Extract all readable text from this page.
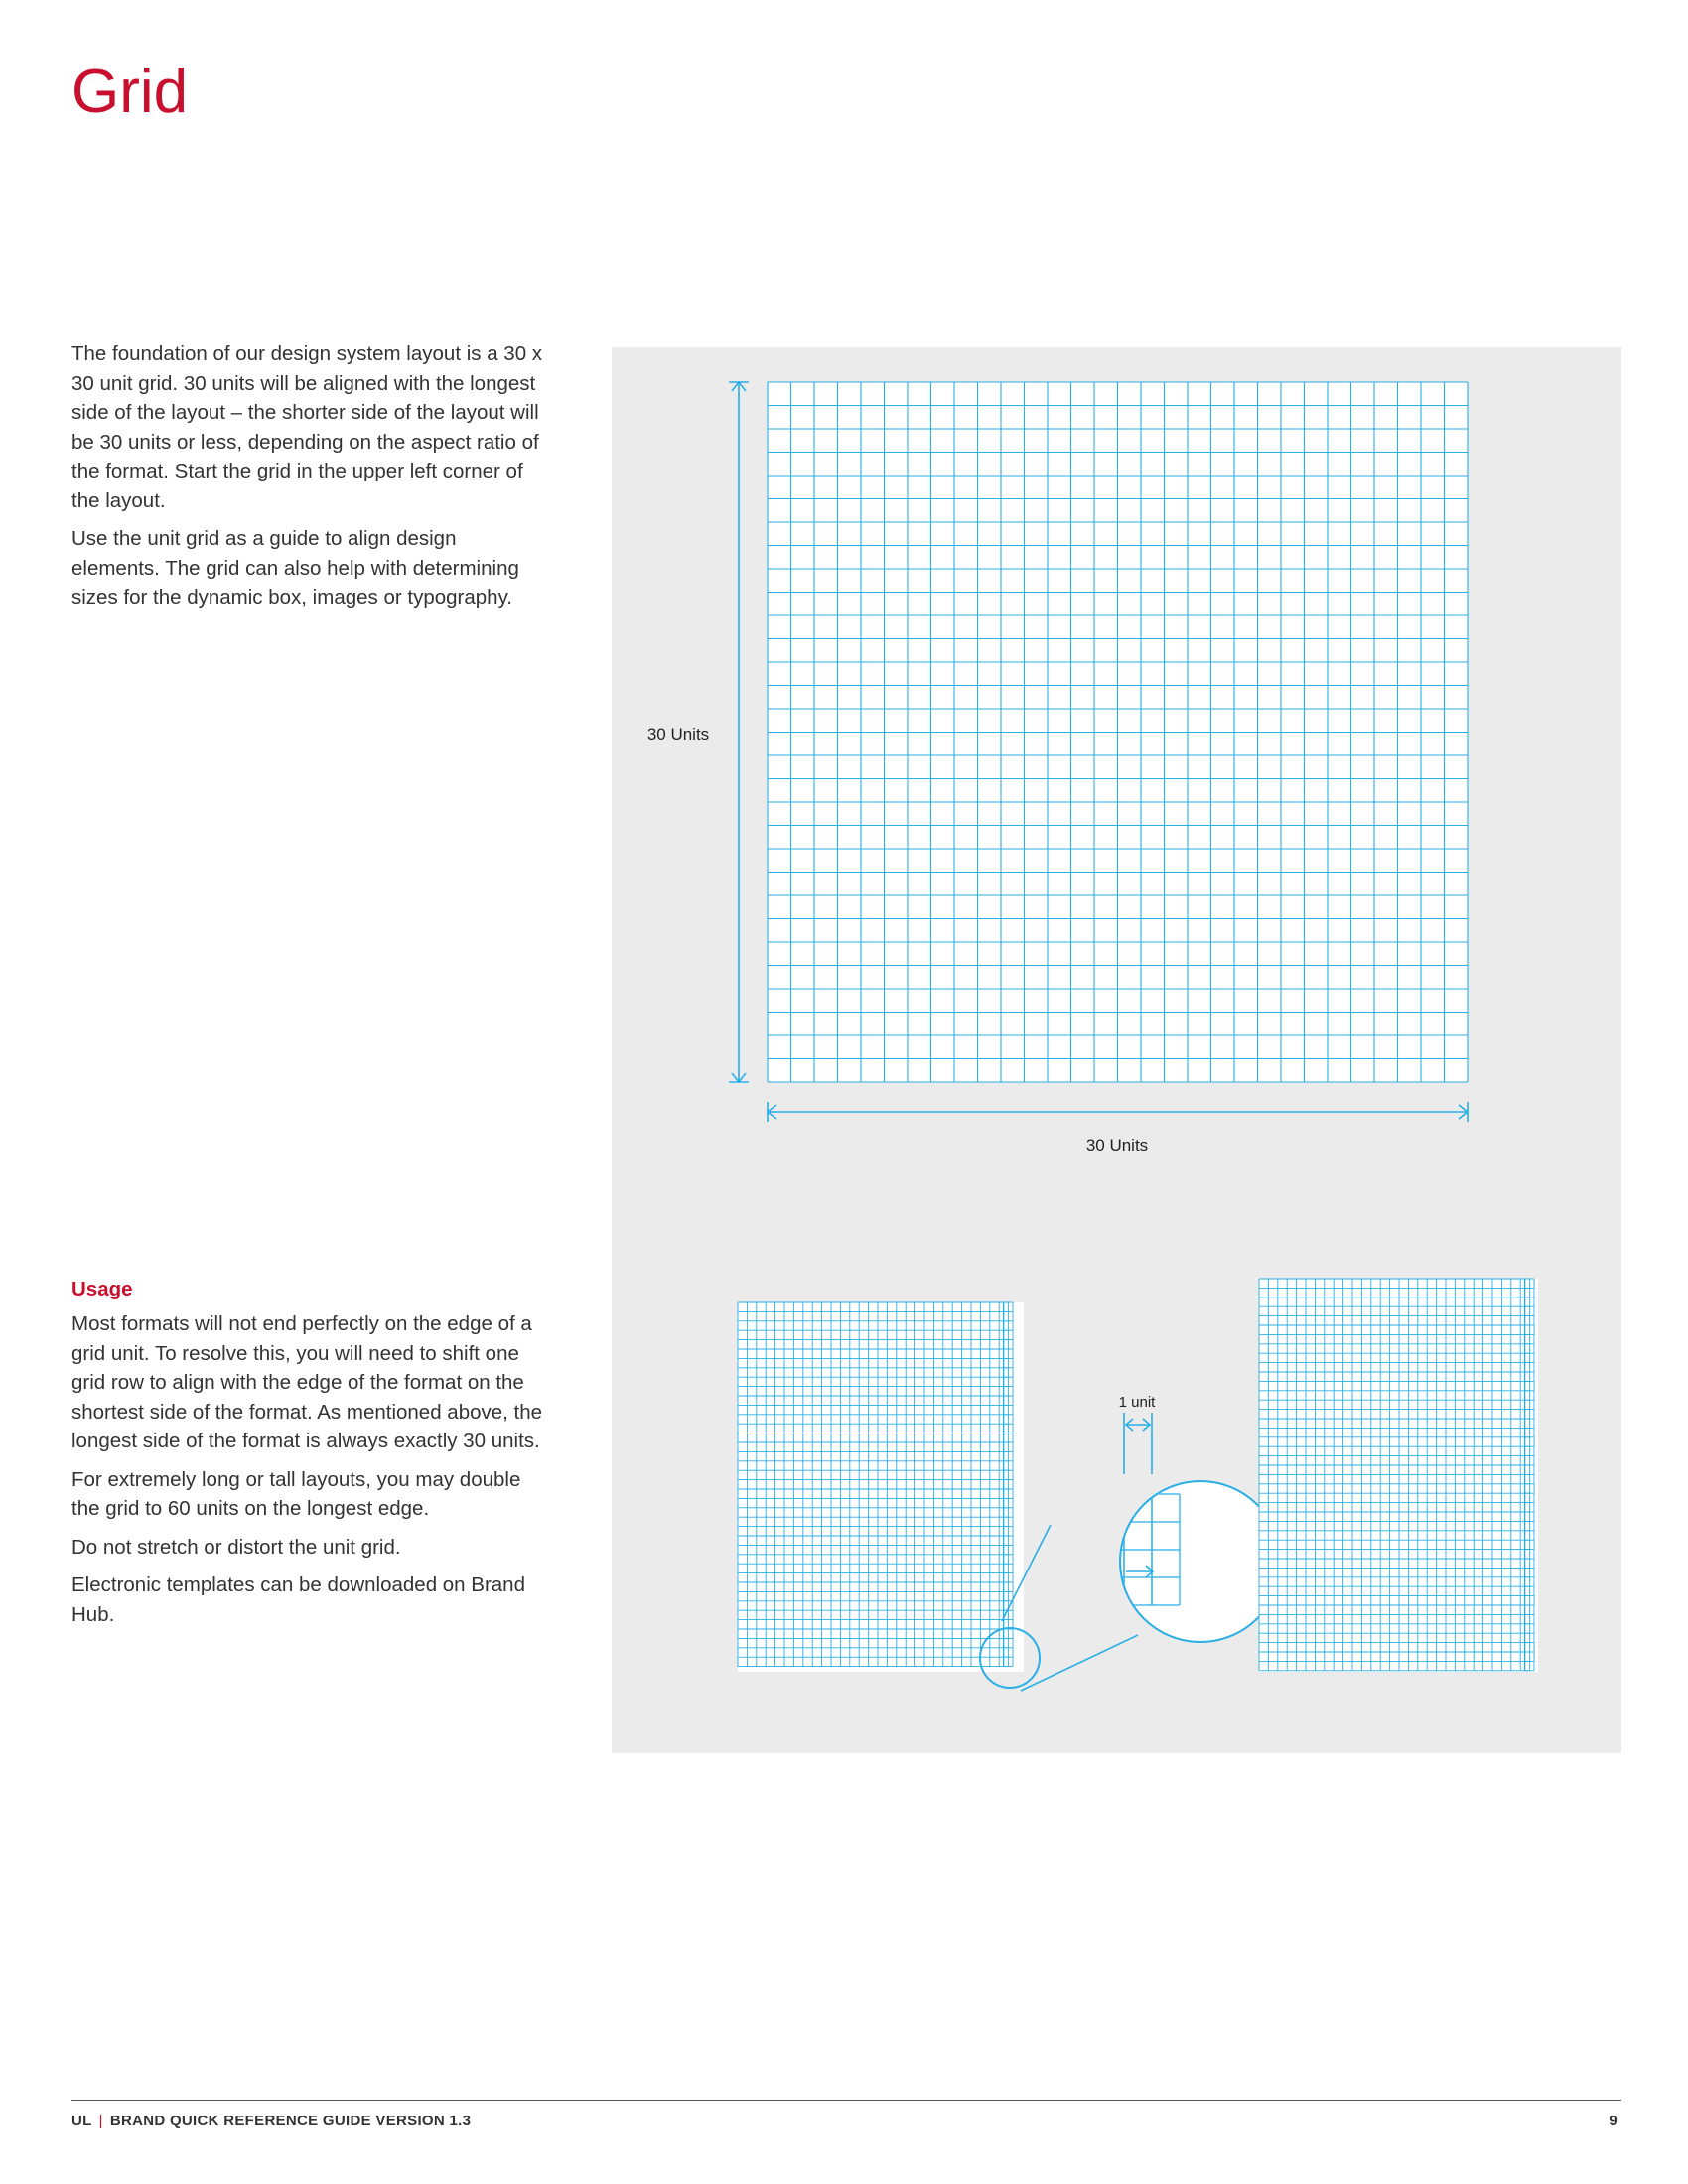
Grid

The foundation of our design system layout is a 30 x 30 unit grid. 30 units will be aligned with the longest side of the layout – the shorter side of the layout will be 30 units or less, depending on the aspect ratio of the format. Start the grid in the upper left corner of the layout.

Use the unit grid as a guide to align design elements. The grid can also help with determining sizes for the dynamic box, images or typography.

Usage

Most formats will not end perfectly on the edge of a grid unit. To resolve this, you will need to shift one grid row to align with the edge of the format on the shortest side of the format. As mentioned above, the longest side of the format is always exactly 30 units.

For extremely long or tall layouts, you may double the grid to 60 units on the longest edge.

Do not stretch or distort the unit grid.

Electronic templates can be downloaded on Brand Hub.

30 Units
30 Units
1 unit
UL | BRAND QUICK REFERENCE GUIDE VERSION 1.3	9
